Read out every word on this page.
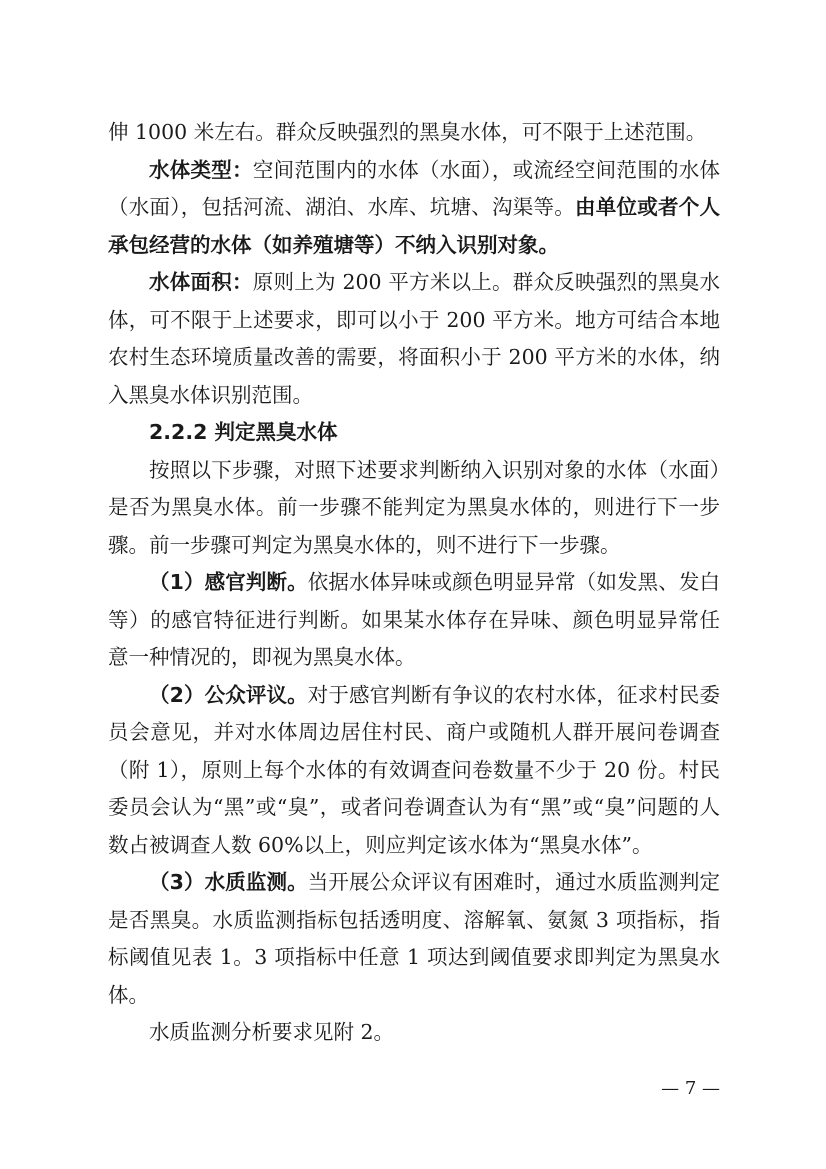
伸 1000 米左右。群众反映强烈的黑臭水体，可不限于上述范围。

水体类型：空间范围内的水体（水面），或流经空间范围的水体（水面），包括河流、湖泊、水库、坑塘、沟渠等。由单位或者个人承包经营的水体（如养殖塘等）不纳入识别对象。

水体面积：原则上为 200 平方米以上。群众反映强烈的黑臭水体，可不限于上述要求，即可以小于 200 平方米。地方可结合本地农村生态环境质量改善的需要，将面积小于 200 平方米的水体，纳入黑臭水体识别范围。

2.2.2 判定黑臭水体

按照以下步骤，对照下述要求判断纳入识别对象的水体（水面）是否为黑臭水体。前一步骤不能判定为黑臭水体的，则进行下一步骤。前一步骤可判定为黑臭水体的，则不进行下一步骤。

（1）感官判断。依据水体异味或颜色明显异常（如发黑、发白等）的感官特征进行判断。如果某水体存在异味、颜色明显异常任意一种情况的，即视为黑臭水体。

（2）公众评议。对于感官判断有争议的农村水体，征求村民委员会意见，并对水体周边居住村民、商户或随机人群开展问卷调查（附 1），原则上每个水体的有效调查问卷数量不少于 20 份。村民委员会认为“黑”或“臭”，或者问卷调查认为有“黑”或“臭”问题的人数占被调查人数 60%以上，则应判定该水体为“黑臭水体”。

（3）水质监测。当开展公众评议有困难时，通过水质监测判定是否黑臭。水质监测指标包括透明度、溶解氧、氨氮 3 项指标，指标阈值见表 1。3 项指标中任意 1 项达到阈值要求即判定为黑臭水体。

水质监测分析要求见附 2。

— 7 —
